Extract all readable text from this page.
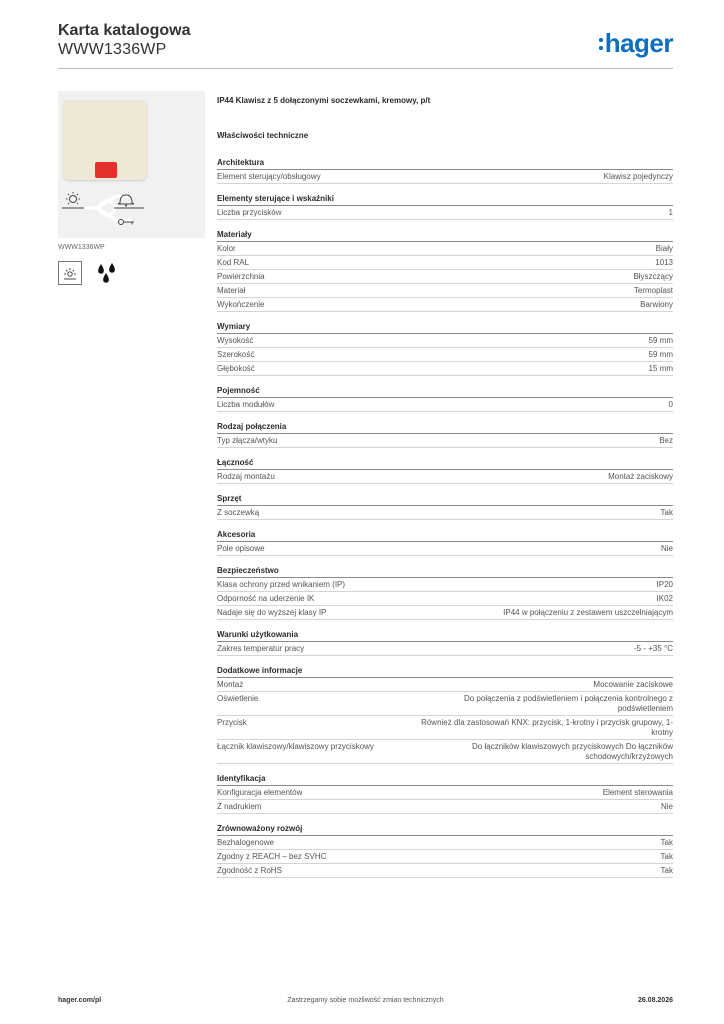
Karta katalogowa
WWW1336WP	hager
WWW1336WP
IP44 Klawisz z 5 dołączonymi soczewkami, kremowy, p/t
Właściwości techniczne
Architektura
Element sterujący/obsługowy	Klawisz pojedynczy
Elementy sterujące i wskaźniki
Liczba przycisków	1
Materiały
Kolor	Biały
Kod RAL	1013
Powierzchnia	Błyszczący
Materiał	Termoplast
Wykończenie	Barwiony
Wymiary
Wysokość	59 mm
Szerokość	59 mm
Głębokość	15 mm
Pojemność
Liczba modułów	0
Rodzaj połączenia
Typ złącza/wtyku	Bez
Łączność
Rodzaj montażu	Montaż zaciskowy
Sprzęt
Z soczewką	Tak
Akcesoria
Pole opisowe	Nie
Bezpieczeństwo
Klasa ochrony przed wnikaniem (IP)	IP20
Odporność na uderzenie IK	IK02
Nadaje się do wyższej klasy IP	IP44 w połączeniu z zestawem uszczelniającym
Warunki użytkowania
Zakres temperatur pracy	-5 - +35 °C
Dodatkowe informacje
Montaż	Mocowanie zaciskowe
Oświetlenie	Do połączenia z podświetleniem i połączenia kontrolnego z podświetleniem
Przycisk	Również dla zastosowań KNX: przycisk, 1-krotny i przycisk grupowy, 1-krotny
Łącznik klawiszowy/klawiszowy przyciskowy	Do łączników klawiszowych przyciskowych Do łączników schodowych/krzyżowych
Identyfikacja
Konfiguracja elementów	Element sterowania
Z nadrukiem	Nie
Zrównoważony rozwój
Bezhalogenowe	Tak
Zgodny z REACH – bez SVHC	Tak
Zgodność z RoHS	Tak
Zastrzegamy sobie możliwość zmian technicznych
hager.com/pl	26.08.2026
